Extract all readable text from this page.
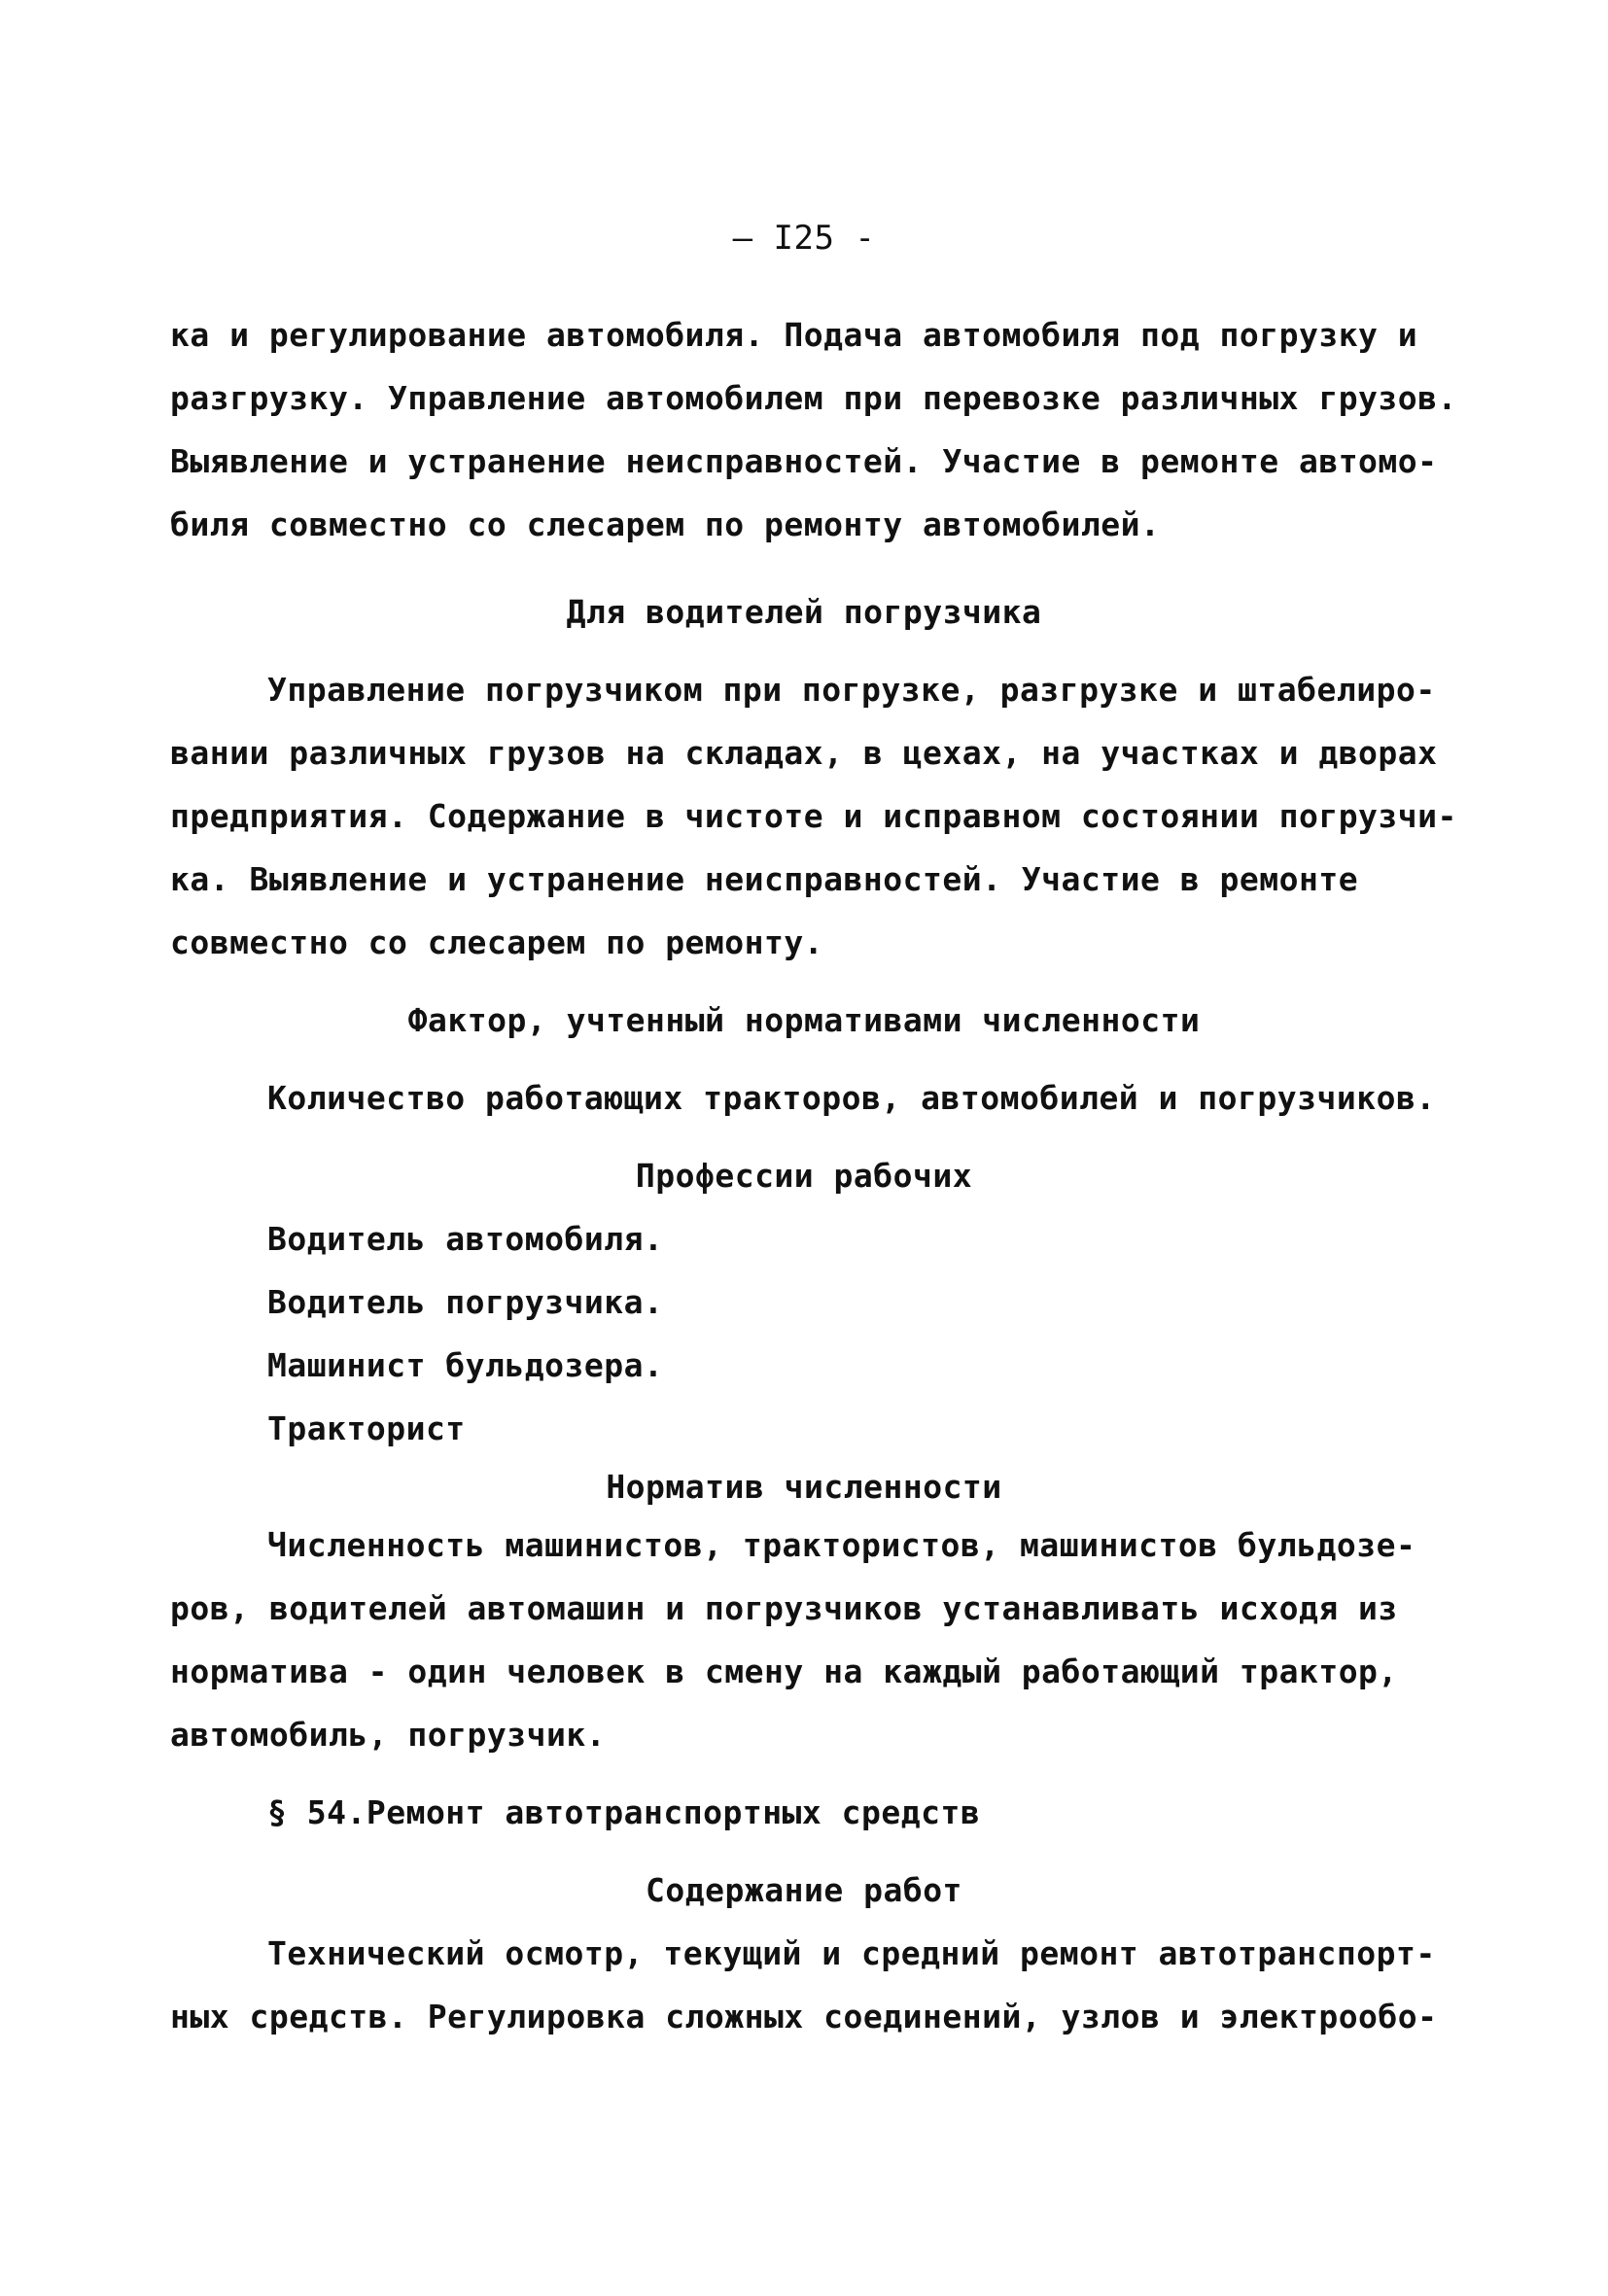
— I25 -
ка и регулирование автомобиля. Подача автомобиля под погрузку и
разгрузку. Управление автомобилем при перевозке различных грузов.
Выявление и устранение неисправностей. Участие в ремонте автомо-
биля совместно со слесарем по ремонту автомобилей.
Для водителей погрузчика
Управление погрузчиком при погрузке, разгрузке и штабелиро-
вании различных грузов на складах, в цехах, на участках и дворах
предприятия. Содержание в чистоте и исправном состоянии погрузчи-
ка. Выявление и устранение неисправностей. Участие в ремонте
совместно со слесарем по ремонту.
Фактор, учтенный нормативами численности
Количество работающих тракторов, автомобилей и погрузчиков.
Профессии рабочих
Водитель автомобиля.
Водитель погрузчика.
Машинист бульдозера.
Тракторист
Норматив численности
Численность машинистов, трактористов, машинистов бульдозе-
ров, водителей автомашин и погрузчиков устанавливать исходя из
норматива - один человек в смену на каждый работающий трактор,
автомобиль, погрузчик.
§ 54.Ремонт автотранспортных средств
Содержание работ
Технический осмотр, текущий и средний ремонт автотранспорт-
ных средств. Регулировка сложных соединений, узлов и электрообо-
